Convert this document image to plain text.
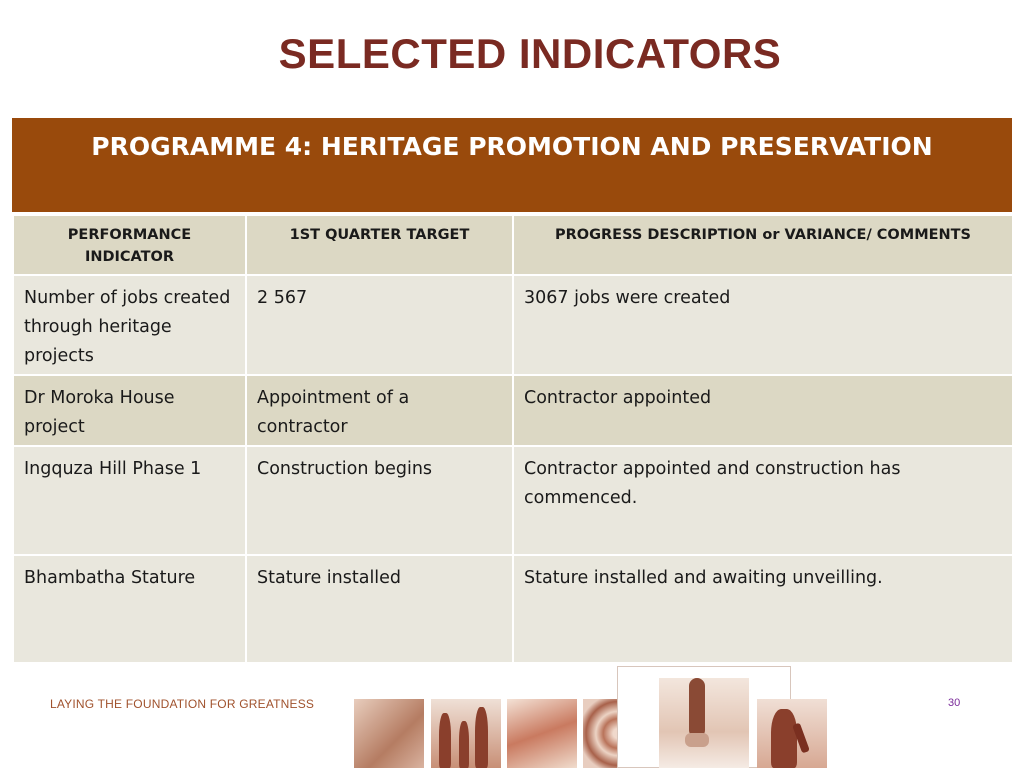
SELECTED INDICATORS
PROGRAMME 4: HERITAGE PROMOTION AND PRESERVATION
PERFORMANCE INDICATOR	1ST QUARTER TARGET	PROGRESS DESCRIPTION or VARIANCE/ COMMENTS
Number of jobs created through heritage projects	2 567	3067 jobs were created
Dr Moroka House project	Appointment of a contractor	Contractor appointed
Ingquza Hill Phase 1	Construction begins	Contractor appointed and construction has commenced.
Bhambatha Stature	Stature installed	Stature installed and awaiting unveilling.
LAYING THE FOUNDATION FOR GREATNESS	30
